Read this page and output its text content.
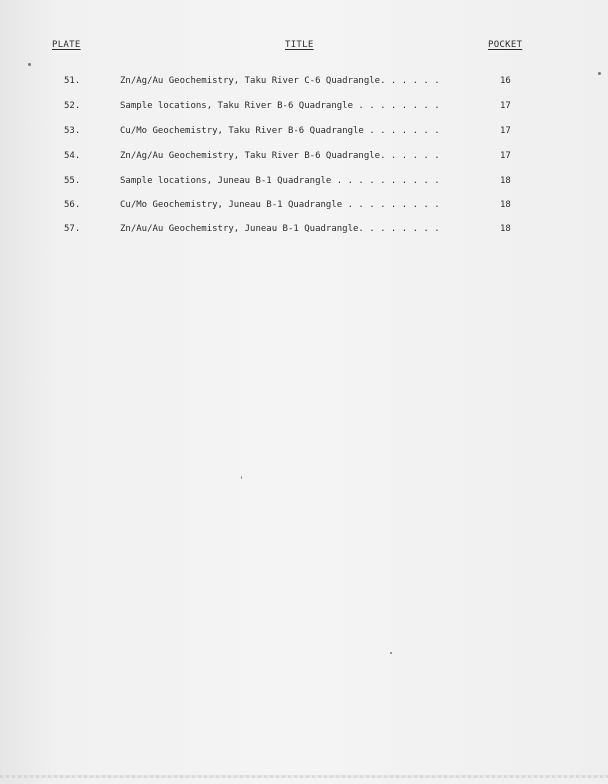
PLATE	TITLE	POCKET
51.	Zn/Ag/Au Geochemistry, Taku River C-6 Quadrangle. . . . . .	16
52.	Sample locations, Taku River B-6 Quadrangle . . . . . . . .	17
53.	Cu/Mo Geochemistry, Taku River B-6 Quadrangle . . . . . . .	17
54.	Zn/Ag/Au Geochemistry, Taku River B-6 Quadrangle. . . . . .	17
55.	Sample locations, Juneau B-1 Quadrangle . . . . . . . . . .	18
56.	Cu/Mo Geochemistry, Juneau B-1 Quadrangle . . . . . . . . .	18
57.	Zn/Au/Au Geochemistry, Juneau B-1 Quadrangle. . . . . . . .	18
